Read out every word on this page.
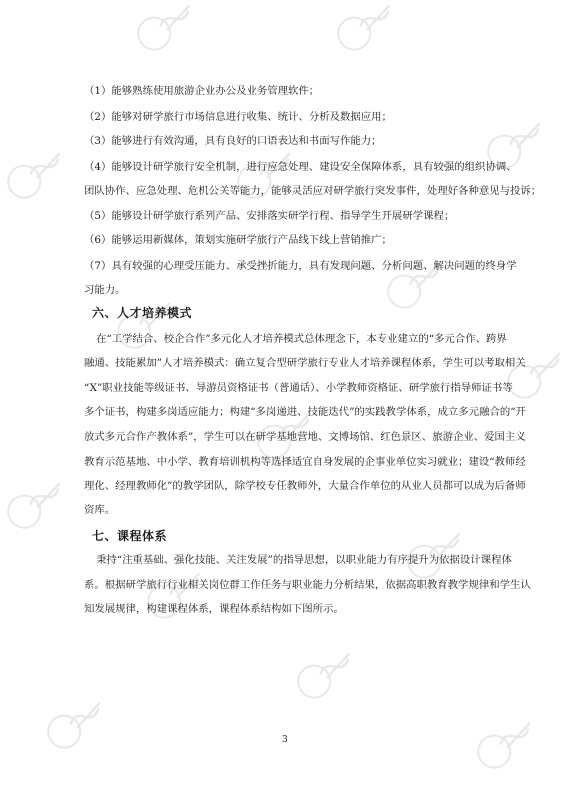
（1）能够熟练使用旅游企业办公及业务管理软件；
（2）能够对研学旅行市场信息进行收集、统计、分析及数据应用；
（3）能够进行有效沟通，具有良好的口语表达和书面写作能力；
（4）能够设计研学旅行安全机制，进行应急处理、建设安全保障体系，具有较强的组织协调、
团队协作、应急处理、危机公关等能力，能够灵活应对研学旅行突发事件，处理好各种意见与投诉；
（5）能够设计研学旅行系列产品、安排落实研学行程、指导学生开展研学课程；
（6）能够运用新媒体，策划实施研学旅行产品线下线上营销推广；
（7）具有较强的心理受压能力、承受挫折能力，具有发现问题、分析问题、解决问题的终身学
习能力。
六、人才培养模式
在“工学结合、校企合作”多元化人才培养模式总体理念下，本专业建立的“多元合作、跨界
融通、技能累加”人才培养模式：确立复合型研学旅行专业人才培养课程体系，学生可以考取相关
“X”职业技能等级证书、导游员资格证书（普通话）、小学教师资格证、研学旅行指导师证书等
多个证书，构建多岗适应能力；构建“多岗递进、技能迭代”的实践教学体系，成立多元融合的“开
放式多元合作产教体系”，学生可以在研学基地营地、文博场馆、红色景区、旅游企业、爱国主义
教育示范基地、中小学、教育培训机构等选择适宜自身发展的企事业单位实习就业；建设“教师经
理化、经理教师化”的教学团队，除学校专任教师外，大量合作单位的从业人员都可以成为后备师
资库。
七、课程体系
秉持“注重基础、强化技能、关注发展”的指导思想，以职业能力有序提升为依据设计课程体
系。根据研学旅行行业相关岗位群工作任务与职业能力分析结果，依据高职教育教学规律和学生认
知发展规律，构建课程体系，课程体系结构如下图所示。
3
